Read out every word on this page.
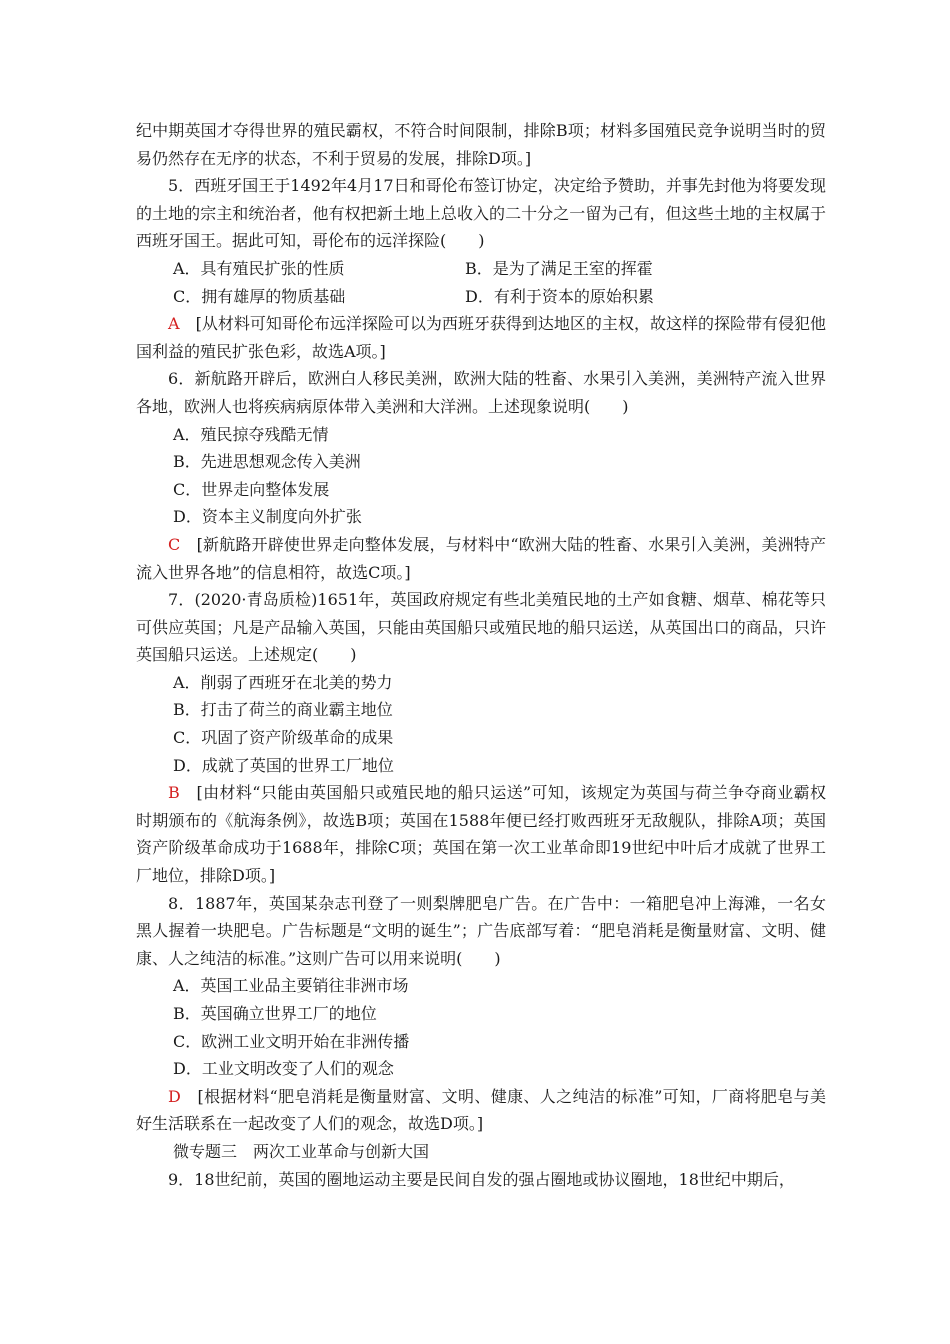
纪中期英国才夺得世界的殖民霸权，不符合时间限制，排除B项；材料多国殖民竞争说明当时的贸易仍然存在无序的状态，不利于贸易的发展，排除D项。]

5．西班牙国王于1492年4月17日和哥伦布签订协定，决定给予赞助，并事先封他为将要发现的土地的宗主和统治者，他有权把新土地上总收入的二十分之一留为己有，但这些土地的主权属于西班牙国王。据此可知，哥伦布的远洋探险(　　)

A．具有殖民扩张的性质	B．是为了满足王室的挥霍
C．拥有雄厚的物质基础	D．有利于资本的原始积累

A　[从材料可知哥伦布远洋探险可以为西班牙获得到达地区的主权，故这样的探险带有侵犯他国利益的殖民扩张色彩，故选A项。]

6．新航路开辟后，欧洲白人移民美洲，欧洲大陆的牲畜、水果引入美洲，美洲特产流入世界各地，欧洲人也将疾病病原体带入美洲和大洋洲。上述现象说明(　　)

A．殖民掠夺残酷无情

B．先进思想观念传入美洲

C．世界走向整体发展

D．资本主义制度向外扩张

C　[新航路开辟使世界走向整体发展，与材料中“欧洲大陆的牲畜、水果引入美洲，美洲特产流入世界各地”的信息相符，故选C项。]

7．(2020·青岛质检)1651年，英国政府规定有些北美殖民地的土产如食糖、烟草、棉花等只可供应英国；凡是产品输入英国，只能由英国船只或殖民地的船只运送，从英国出口的商品，只许英国船只运送。上述规定(　　)

A．削弱了西班牙在北美的势力

B．打击了荷兰的商业霸主地位

C．巩固了资产阶级革命的成果

D．成就了英国的世界工厂地位

B　[由材料“只能由英国船只或殖民地的船只运送”可知，该规定为英国与荷兰争夺商业霸权时期颁布的《航海条例》，故选B项；英国在1588年便已经打败西班牙无敌舰队，排除A项；英国资产阶级革命成功于1688年，排除C项；英国在第一次工业革命即19世纪中叶后才成就了世界工厂地位，排除D项。]

8．1887年，英国某杂志刊登了一则梨牌肥皂广告。在广告中：一箱肥皂冲上海滩，一名女黑人握着一块肥皂。广告标题是“文明的诞生”；广告底部写着：“肥皂消耗是衡量财富、文明、健康、人之纯洁的标准。”这则广告可以用来说明(　　)

A．英国工业品主要销往非洲市场

B．英国确立世界工厂的地位

C．欧洲工业文明开始在非洲传播

D．工业文明改变了人们的观念

D　[根据材料“肥皂消耗是衡量财富、文明、健康、人之纯洁的标准”可知，厂商将肥皂与美好生活联系在一起改变了人们的观念，故选D项。]

微专题三　两次工业革命与创新大国

9．18世纪前，英国的圈地运动主要是民间自发的强占圈地或协议圈地，18世纪中期后，
